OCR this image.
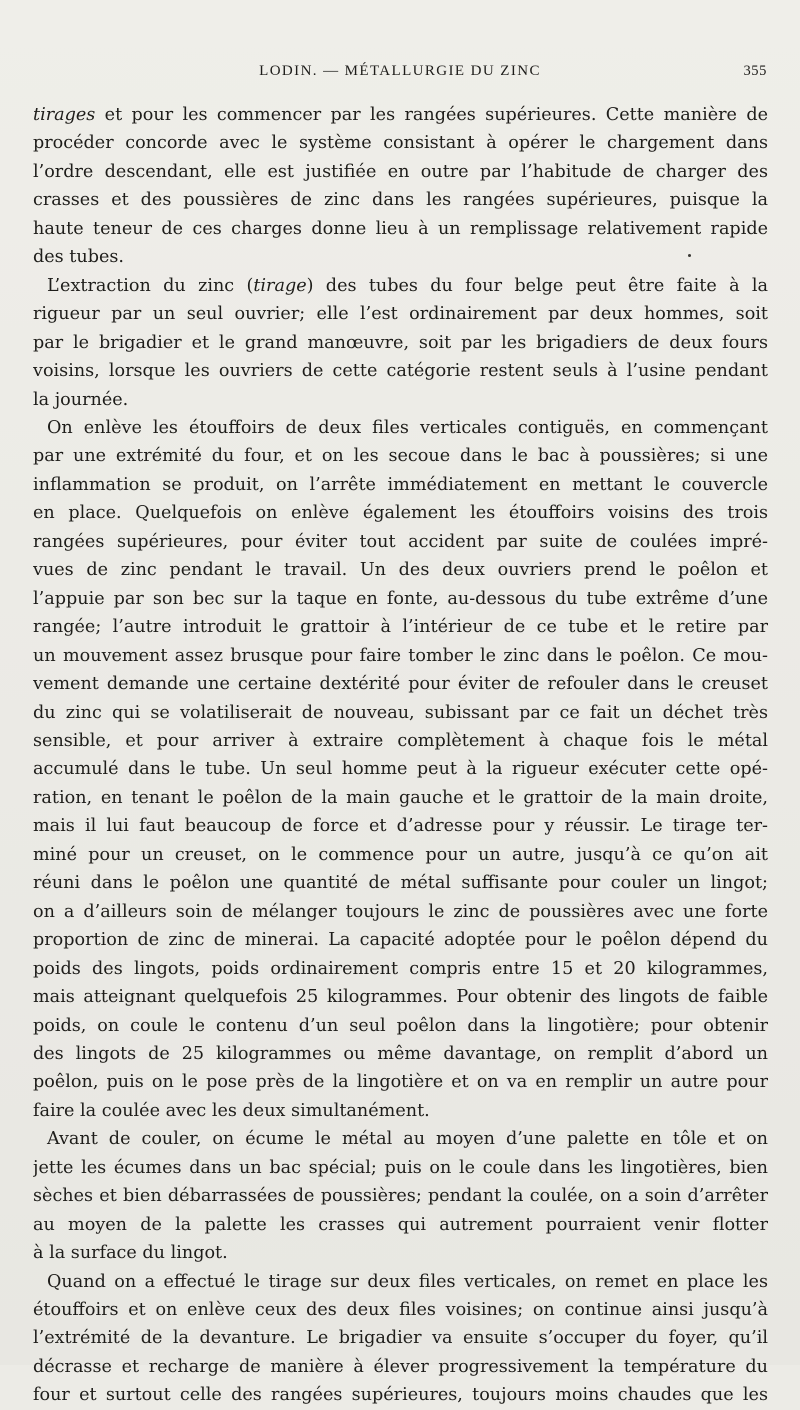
LODIN. — MÉTALLURGIE DU ZINC	355
tirages et pour les commencer par les rangées supérieures. Cette manière de
procéder concorde avec le système consistant à opérer le chargement dans
l’ordre descendant, elle est justifiée en outre par l’habitude de charger des
crasses et des poussières de zinc dans les rangées supérieures, puisque la
haute teneur de ces charges donne lieu à un remplissage relativement rapide
des tubes.
L’extraction du zinc (tirage) des tubes du four belge peut être faite à la
rigueur par un seul ouvrier; elle l’est ordinairement par deux hommes, soit
par le brigadier et le grand manœuvre, soit par les brigadiers de deux fours
voisins, lorsque les ouvriers de cette catégorie restent seuls à l’usine pendant
la journée.
On enlève les étouffoirs de deux files verticales contiguës, en commençant
par une extrémité du four, et on les secoue dans le bac à poussières; si une
inflammation se produit, on l’arrête immédiatement en mettant le couvercle
en place. Quelquefois on enlève également les étouffoirs voisins des trois
rangées supérieures, pour éviter tout accident par suite de coulées impré-
vues de zinc pendant le travail. Un des deux ouvriers prend le poêlon et
l’appuie par son bec sur la taque en fonte, au-dessous du tube extrême d’une
rangée; l’autre introduit le grattoir à l’intérieur de ce tube et le retire par
un mouvement assez brusque pour faire tomber le zinc dans le poêlon. Ce mou-
vement demande une certaine dextérité pour éviter de refouler dans le creuset
du zinc qui se volatiliserait de nouveau, subissant par ce fait un déchet très
sensible, et pour arriver à extraire complètement à chaque fois le métal
accumulé dans le tube. Un seul homme peut à la rigueur exécuter cette opé-
ration, en tenant le poêlon de la main gauche et le grattoir de la main droite,
mais il lui faut beaucoup de force et d’adresse pour y réussir. Le tirage ter-
miné pour un creuset, on le commence pour un autre, jusqu’à ce qu’on ait
réuni dans le poêlon une quantité de métal suffisante pour couler un lingot;
on a d’ailleurs soin de mélanger toujours le zinc de poussières avec une forte
proportion de zinc de minerai. La capacité adoptée pour le poêlon dépend du
poids des lingots, poids ordinairement compris entre 15 et 20 kilogrammes,
mais atteignant quelquefois 25 kilogrammes. Pour obtenir des lingots de faible
poids, on coule le contenu d’un seul poêlon dans la lingotière; pour obtenir
des lingots de 25 kilogrammes ou même davantage, on remplit d’abord un
poêlon, puis on le pose près de la lingotière et on va en remplir un autre pour
faire la coulée avec les deux simultanément.
Avant de couler, on écume le métal au moyen d’une palette en tôle et on
jette les écumes dans un bac spécial; puis on le coule dans les lingotières, bien
sèches et bien débarrassées de poussières; pendant la coulée, on a soin d’arrêter
au moyen de la palette les crasses qui autrement pourraient venir flotter
à la surface du lingot.
Quand on a effectué le tirage sur deux files verticales, on remet en place les
étouffoirs et on enlève ceux des deux files voisines; on continue ainsi jusqu’à
l’extrémité de la devanture. Le brigadier va ensuite s’occuper du foyer, qu’il
décrasse et recharge de manière à élever progressivement la température du
four et surtout celle des rangées supérieures, toujours moins chaudes que les
